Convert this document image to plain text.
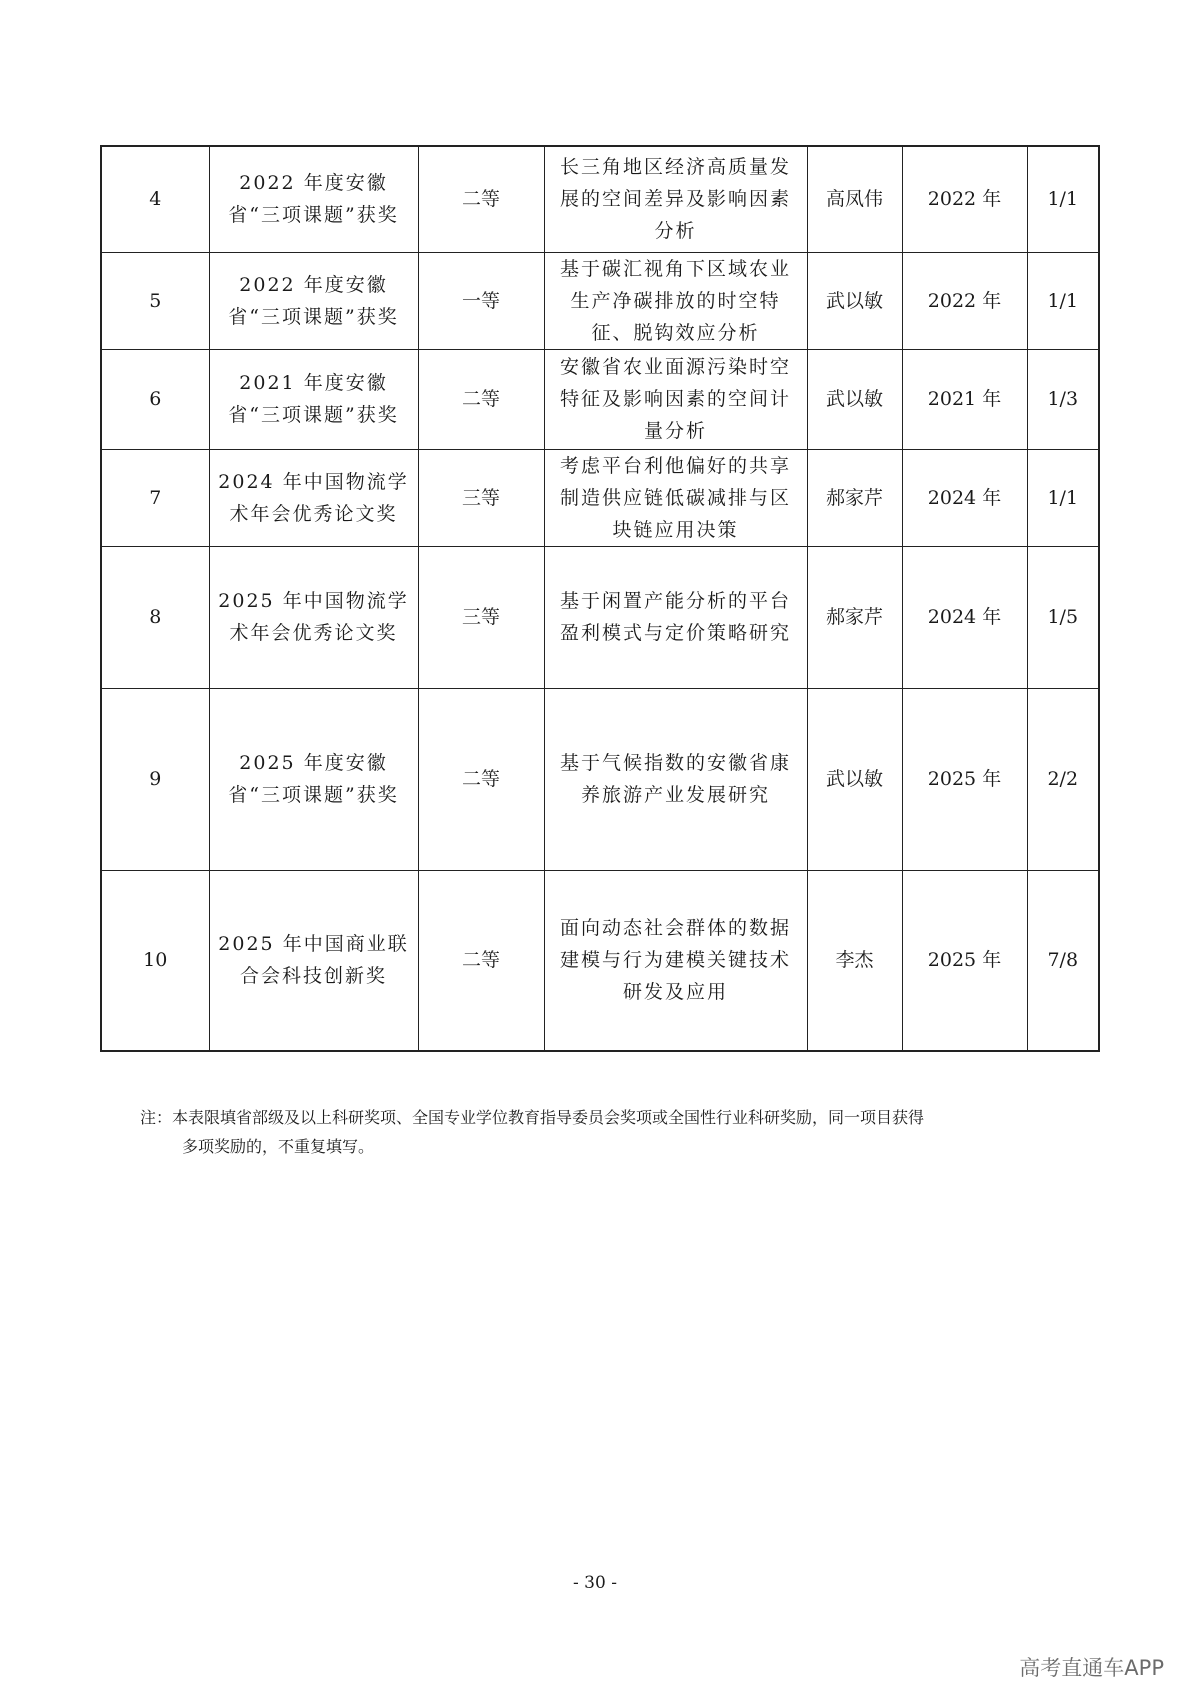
4	2022 年度安徽省“三项课题”获奖	二等	长三角地区经济高质量发展的空间差异及影响因素分析	高凤伟	2022 年	1/1
5	2022 年度安徽省“三项课题”获奖	一等	基于碳汇视角下区域农业生产净碳排放的时空特征、脱钩效应分析	武以敏	2022 年	1/1
6	2021 年度安徽省“三项课题”获奖	二等	安徽省农业面源污染时空特征及影响因素的空间计量分析	武以敏	2021 年	1/3
7	2024 年中国物流学术年会优秀论文奖	三等	考虑平台利他偏好的共享制造供应链低碳减排与区块链应用决策	郝家芹	2024 年	1/1
8	2025 年中国物流学术年会优秀论文奖	三等	基于闲置产能分析的平台盈利模式与定价策略研究	郝家芹	2024 年	1/5
9	2025 年度安徽省“三项课题”获奖	二等	基于气候指数的安徽省康养旅游产业发展研究	武以敏	2025 年	2/2
10	2025 年中国商业联合会科技创新奖	二等	面向动态社会群体的数据建模与行为建模关键技术研发及应用	李杰	2025 年	7/8
注：本表限填省部级及以上科研奖项、全国专业学位教育指导委员会奖项或全国性行业科研奖励，同一项目获得
多项奖励的，不重复填写。
- 30 -
高考直通车APP
